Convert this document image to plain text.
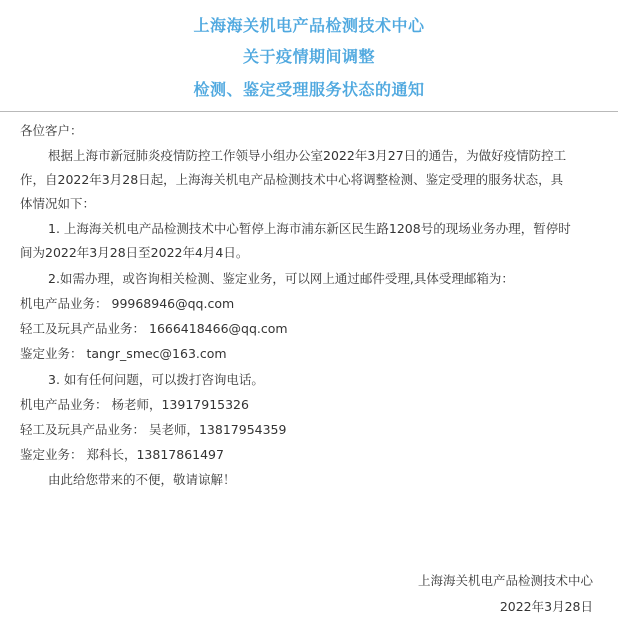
上海海关机电产品检测技术中心
关于疫情期间调整
检测、鉴定受理服务状态的通知
各位客户：
根据上海市新冠肺炎疫情防控工作领导小组办公室2022年3月27日的通告，为做好疫情防控工
作，自2022年3月28日起，上海海关机电产品检测技术中心将调整检测、鉴定受理的服务状态，具
体情况如下：
1. 上海海关机电产品检测技术中心暂停上海市浦东新区民生路1208号的现场业务办理，暂停时
间为2022年3月28日至2022年4月4日。
2.如需办理，或咨询相关检测、鉴定业务，可以网上通过邮件受理,具体受理邮箱为：
机电产品业务： 99968946@qq.com
轻工及玩具产品业务： 1666418466@qq.com
鉴定业务： tangr_smec@163.com
3. 如有任何问题，可以拨打咨询电话。
机电产品业务： 杨老师，13917915326
轻工及玩具产品业务： 吴老师，13817954359
鉴定业务： 郑科长，13817861497
由此给您带来的不便，敬请谅解！
上海海关机电产品检测技术中心
2022年3月28日
